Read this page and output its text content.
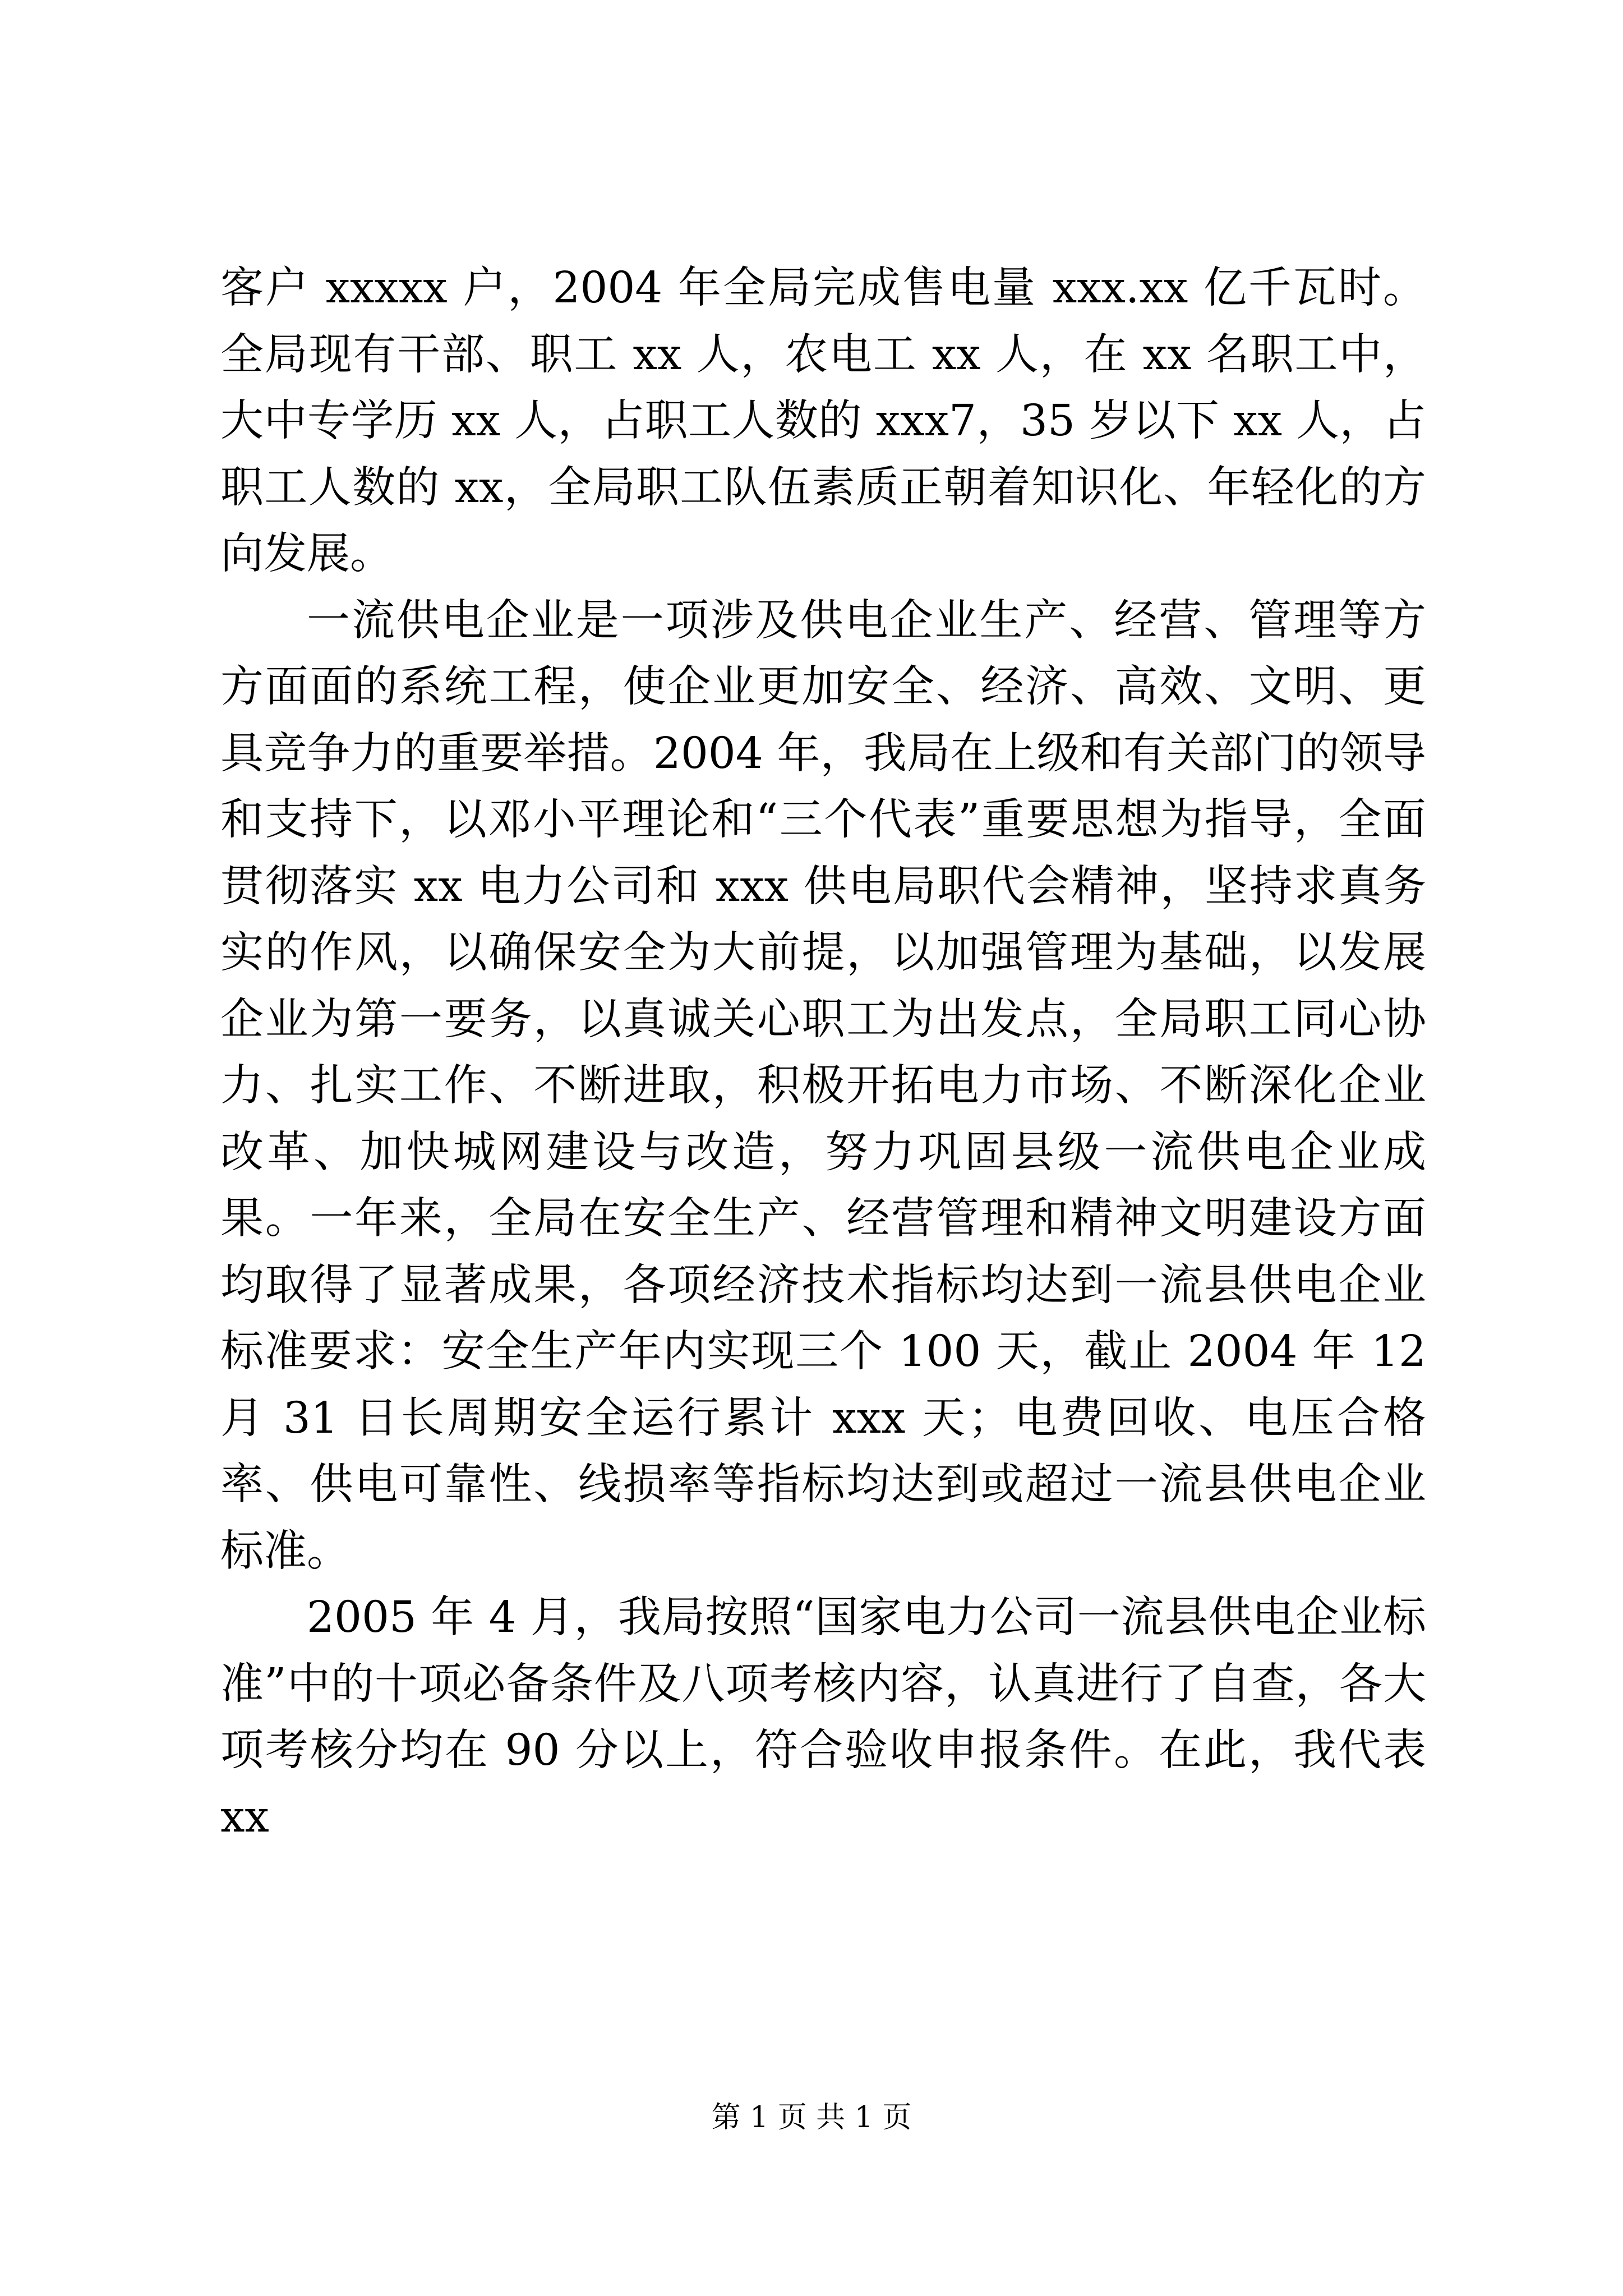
客户 xxxxx 户，2004 年全局完成售电量 xxx.xx 亿千瓦时。全局现有干部、职工 xx 人，农电工 xx 人，在 xx 名职工中，大中专学历 xx 人，占职工人数的 xxx7，35 岁以下 xx 人，占职工人数的 xx，全局职工队伍素质正朝着知识化、年轻化的方向发展。

一流供电企业是一项涉及供电企业生产、经营、管理等方方面面的系统工程，使企业更加安全、经济、高效、文明、更具竞争力的重要举措。2004 年，我局在上级和有关部门的领导和支持下，以邓小平理论和“三个代表”重要思想为指导，全面贯彻落实 xx 电力公司和 xxx 供电局职代会精神，坚持求真务实的作风，以确保安全为大前提，以加强管理为基础，以发展企业为第一要务，以真诚关心职工为出发点，全局职工同心协力、扎实工作、不断进取，积极开拓电力市场、不断深化企业改革、加快城网建设与改造，努力巩固县级一流供电企业成果。一年来，全局在安全生产、经营管理和精神文明建设方面均取得了显著成果，各项经济技术指标均达到一流县供电企业标准要求：安全生产年内实现三个 100 天，截止 2004 年 12 月 31 日长周期安全运行累计 xxx 天；电费回收、电压合格率、供电可靠性、线损率等指标均达到或超过一流县供电企业标准。

2005 年 4 月，我局按照“国家电力公司一流县供电企业标准”中的十项必备条件及八项考核内容，认真进行了自查，各大项考核分均在 90 分以上，符合验收申报条件。在此，我代表 xx

第 1 页 共 1 页
